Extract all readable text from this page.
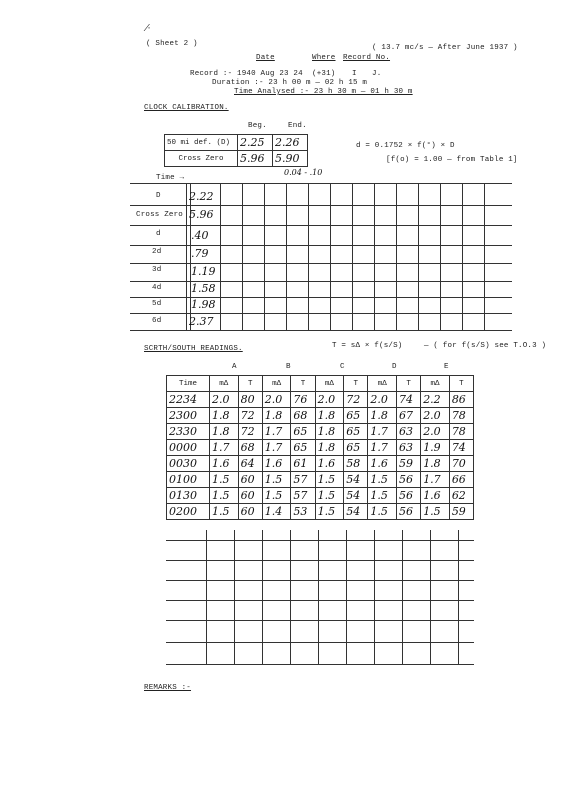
⁄⋅
( Sheet 2 )	( 13.7 mc/s — After June 1937 )
Date	Where Record No.
Record :- 1940 Aug 23 24 (+31) I J.
Duration :- 23 h 00 m — 02 h 15 m
Time Analysed :- 23 h 30 m — 01 h 30 m
CLOCK CALIBRATION.
Beg.	End.
50 mi def. (D)	2.25	2.26
Cross Zero	5.96	5.90
0.04 - .10
d = 0.1752 × f(°) × D
[f(o) = 1.00 — from Table 1]
Time →
D	2.22
Cross Zero 5.96
d	.40
2d	.79
3d	1.19
4d	1.58
5d	1.98
6d	2.37
SCRTH/SOUTH READINGS.	T = sΔ × f(s/S)	— ( for f(s/S) see T.O.3 )
A	B	C	D	E
Time	mΔ	T	mΔ	T	mΔ	T	mΔ	T	mΔ	T
2234	2.0	80	2.0	76	2.0	72	2.0	74	2.2	86
2300	1.8	72	1.8	68	1.8	65	1.8	67	2.0	78
2330	1.8	72	1.7	65	1.8	65	1.7	63	2.0	78
0000	1.7	68	1.7	65	1.8	65	1.7	63	1.9	74
0030	1.6	64	1.6	61	1.6	58	1.6	59	1.8	70
0100	1.5	60	1.5	57	1.5	54	1.5	56	1.7	66
0130	1.5	60	1.5	57	1.5	54	1.5	56	1.6	62
0200	1.5	60	1.4	53	1.5	54	1.5	56	1.5	59
REMARKS :-
